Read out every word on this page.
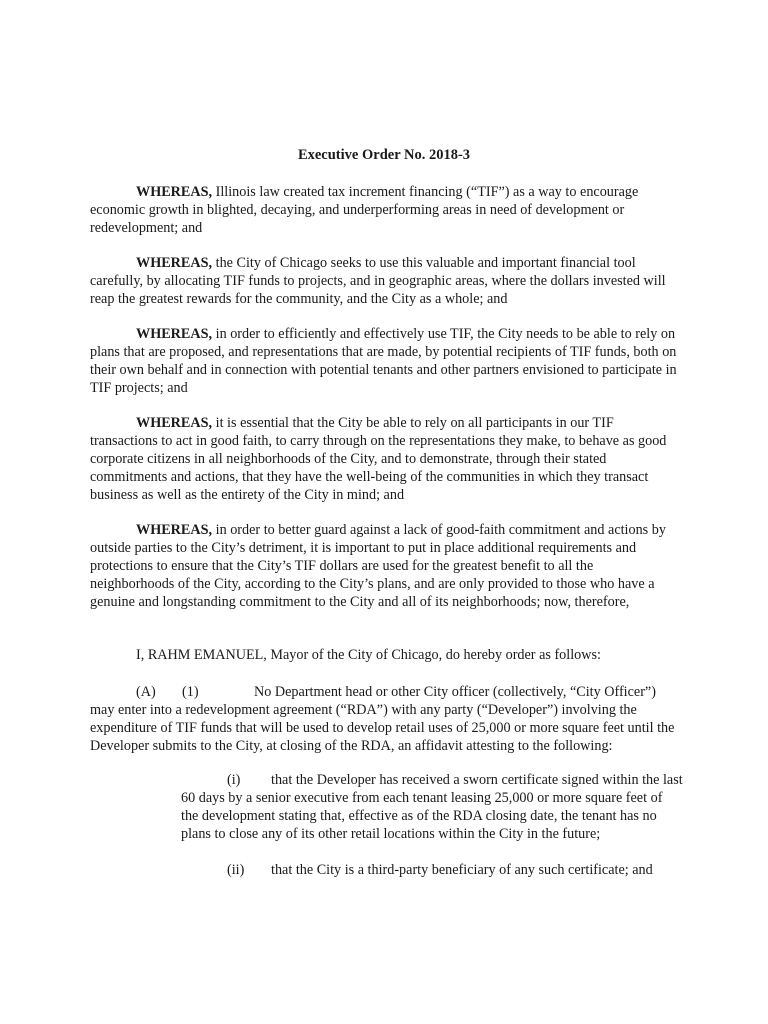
Executive Order No. 2018-3
WHEREAS, Illinois law created tax increment financing (“TIF”) as a way to encourage economic growth in blighted, decaying, and underperforming areas in need of development or redevelopment; and
WHEREAS, the City of Chicago seeks to use this valuable and important financial tool carefully, by allocating TIF funds to projects, and in geographic areas, where the dollars invested will reap the greatest rewards for the community, and the City as a whole; and
WHEREAS, in order to efficiently and effectively use TIF, the City needs to be able to rely on plans that are proposed, and representations that are made, by potential recipients of TIF funds, both on their own behalf and in connection with potential tenants and other partners envisioned to participate in TIF projects; and
WHEREAS, it is essential that the City be able to rely on all participants in our TIF transactions to act in good faith, to carry through on the representations they make, to behave as good corporate citizens in all neighborhoods of the City, and to demonstrate, through their stated commitments and actions, that they have the well-being of the communities in which they transact business as well as the entirety of the City in mind; and
WHEREAS, in order to better guard against a lack of good-faith commitment and actions by outside parties to the City’s detriment, it is important to put in place additional requirements and protections to ensure that the City’s TIF dollars are used for the greatest benefit to all the neighborhoods of the City, according to the City’s plans, and are only provided to those who have a genuine and longstanding commitment to the City and all of its neighborhoods; now, therefore,
I, RAHM EMANUEL, Mayor of the City of Chicago, do hereby order as follows:
(A) (1)	No Department head or other City officer (collectively, “City Officer”) may enter into a redevelopment agreement (“RDA”) with any party (“Developer”) involving the expenditure of TIF funds that will be used to develop retail uses of 25,000 or more square feet until the Developer submits to the City, at closing of the RDA, an affidavit attesting to the following:
(i) that the Developer has received a sworn certificate signed within the last 60 days by a senior executive from each tenant leasing 25,000 or more square feet of the development stating that, effective as of the RDA closing date, the tenant has no plans to close any of its other retail locations within the City in the future;
(ii) that the City is a third-party beneficiary of any such certificate; and
